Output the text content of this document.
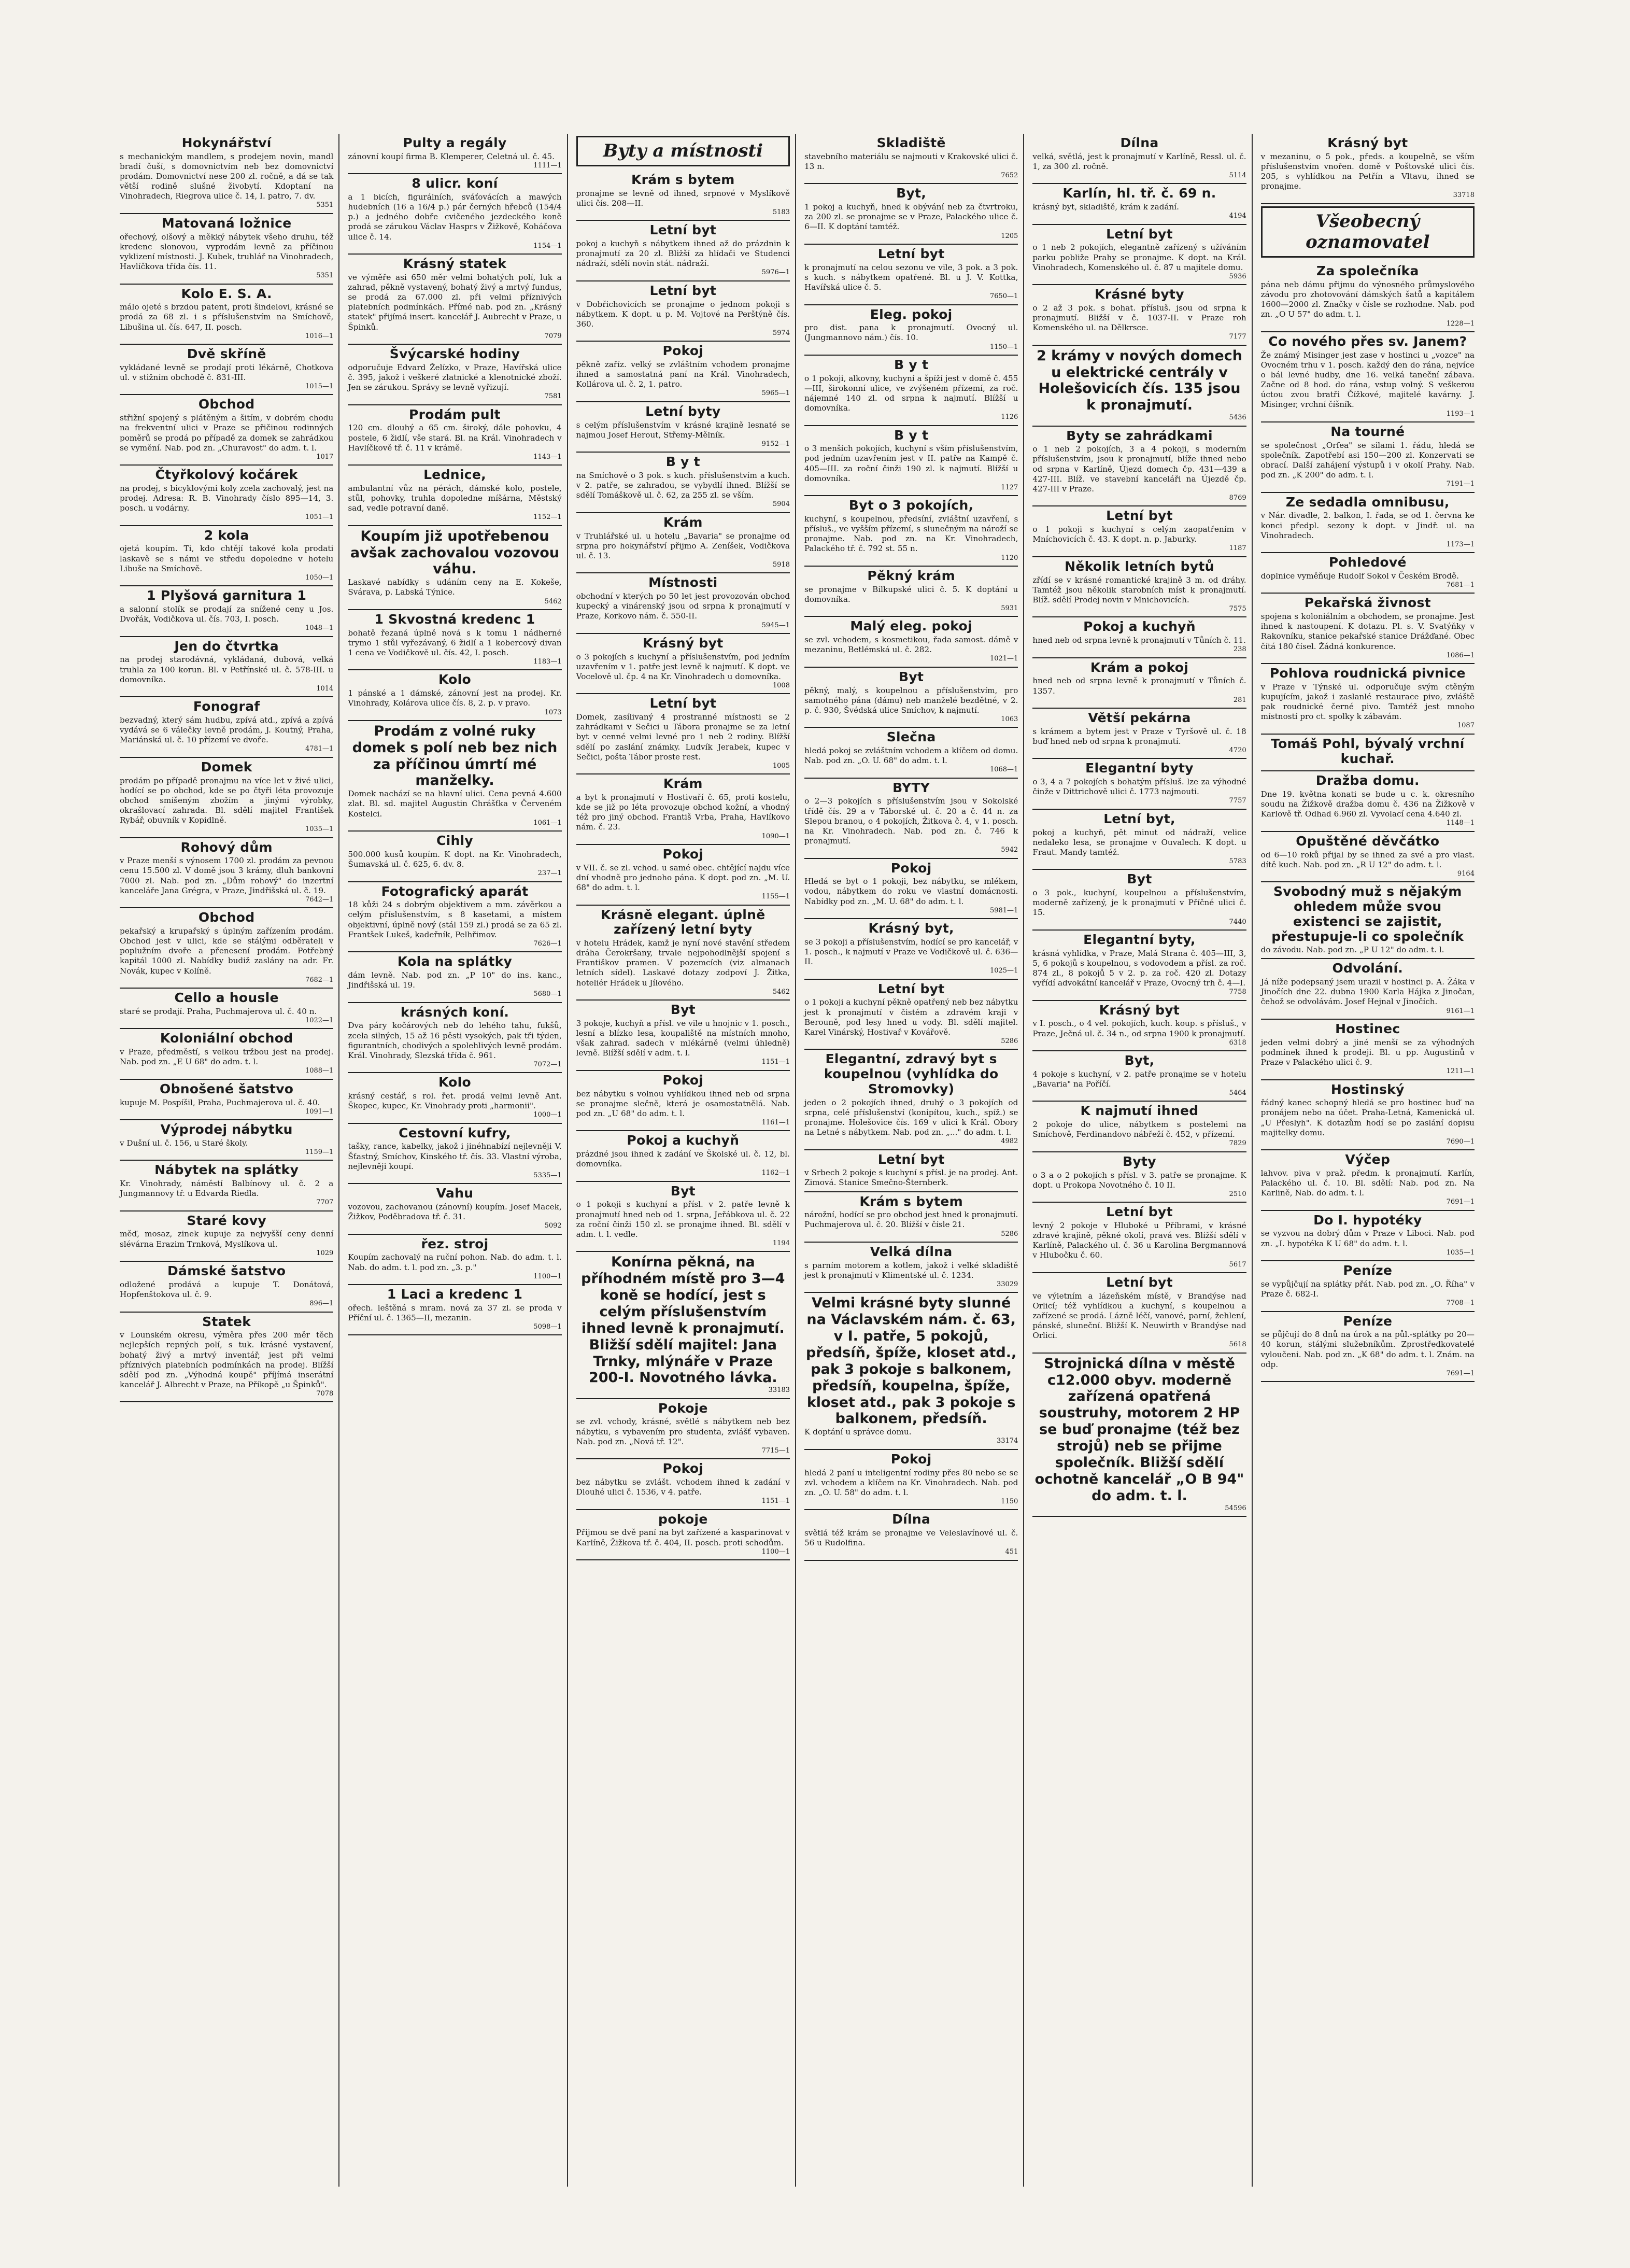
Hokynářství
s mechanickým mandlem, s prodejem novin, mandl bradí čuší, s domovnictvím neb bez domovnictví prodám. Domovnictví nese 200 zl. ročně, a dá se tak větší rodině slušné živobytí. Kdoptaní na Vinohradech, Riegrova ulice č. 14, I. patro, 7. dv.
5351
Matovaná ložnice
ořechový, olšový a měkký nábytek všeho druhu, též kredenc slonovou, vyprodám levně za příčinou vyklizení místnosti. J. Kubek, truhlář na Vinohradech, Havlíčkova třída čís. 11.
5351
Kolo E. S. A.
málo ojeté s brzdou patent, proti šindelovi, krásné se prodá za 68 zl. i s příslušenstvím na Smíchově, Libušina ul. čís. 647, II. posch.
1016—1
Dvě skříně
vykládané levně se prodají proti lékárně, Chotkova ul. v stižním obchodě č. 831-III.
1015—1
Obchod
střižní spojený s plátěným a šitím, v dobrém chodu na frekventní ulici v Praze se přičinou rodinných poměrů se prodá po případě za domek se zahrádkou se vymění. Nab. pod zn. „Churavost" do adm. t. l.
1017
Čtyřkolový kočárek
na prodej, s bicyklovými koly zcela zachovalý, jest na prodej. Adresa: R. B. Vinohrady číslo 895—14, 3. posch. u vodárny.
1051—1
2 kola
ojetá koupím. Ti, kdo chtějí takové kola prodati laskavě se s námi ve středu dopoledne v hotelu Libuše na Smíchově.
1050—1
1 Plyšová garnitura 1
a salonní stolík se prodají za snížené ceny u Jos. Dvořák, Vodičkova ul. čís. 703, I. posch.
1048—1
Jen do čtvrtka
na prodej starodávná, vykládaná, dubová, velká truhla za 100 korun. Bl. v Petřínské ul. č. 578-III. u domovníka.
1014
Fonograf
bezvadný, který sám hudbu, zpívá atd., zpívá a zpívá vydává se 6 válečky levně prodám, J. Koutný, Praha, Mariánská ul. č. 10 přízemí ve dvoře.
4781—1
Domek
prodám po případě pronajmu na více let v živé ulici, hodící se po obchod, kde se po čtyři léta provozuje obchod smíšeným zbožím a jinými výrobky, okrašlovací zahrada. Bl. sdělí majitel František Rybář, obuvník v Kopidlně.
1035—1
Rohový dům
v Praze menší s výnosem 1700 zl. prodám za pevnou cenu 15.500 zl. V domě jsou 3 krámy, dluh bankovní 7000 zl. Nab. pod zn. „Dům rohový" do inzertní kanceláře Jana Grégra, v Praze, Jindřišská ul. č. 19.
7642—1
Obchod
pekařský a krupařský s úplným zařízením prodám. Obchod jest v ulici, kde se stálými odběrateli v poplužním dvoře a přenesení prodám. Potřebný kapitál 1000 zl. Nabídky budiž zaslány na adr. Fr. Novák, kupec v Kolíně.
7682—1
Cello a housle
staré se prodají. Praha, Puchmajerova ul. č. 40 n.
1022—1
Koloniální obchod
v Praze, předměstí, s velkou tržbou jest na prodej. Nab. pod zn. „E U 68" do adm. t. l.
1088—1
Obnošené šatstvo
kupuje M. Pospíšil, Praha, Puchmajerova ul. č. 40.
1091—1
Výprodej nábytku
v Dušní ul. č. 156, u Staré školy.
1159—1
Nábytek na splátky
Kr. Vinohrady, náměstí Balbínovy ul. č. 2 a Jungmannovy tř. u Edvarda Riedla.
7707
Staré kovy
měď, mosaz, zinek kupuje za nejvyšší ceny denní slévárna Erazim Trnková, Myslíkova ul.
1029
Dámské šatstvo
odložené prodává a kupuje T. Donátová, Hopfenštokova ul. č. 9.
896—1
Statek
v Lounském okresu, výměra přes 200 měr těch nejlepších repných polí, s tuk. krásné vystavení, bohatý živý a mrtvý inventář, jest při velmi příznivých platebních podmínkách na prodej. Blížší sdělí pod zn. „Výhodná koupě" příjímá inserátní kancelář J. Albrecht v Praze, na Příkopě „u Špinků".
7078
Pulty a regály
zánovní koupí firma B. Klemperer, Celetná ul. č. 45.
1111—1
8 ulicr. koní
a 1 bicích, figurálních, sváťovácích a mawých hudebních (16 a 16/4 p.) pár černých hřebců (154/4 p.) a jedného dobře cvičeného jezdeckého koně prodá se zárukou Václav Hasprs v Žižkově, Koháčova ulice č. 14.
1154—1
Krásný statek
ve výměře asi 650 měr velmi bohatých polí, luk a zahrad, pěkně vystavený, bohatý živý a mrtvý fundus, se prodá za 67.000 zl. při velmi příznivých platebních podmínkách. Přímé nab. pod zn. „Krásný statek" přijímá insert. kancelář J. Aubrecht v Praze, u Špinků.
7079
Švýcarské hodiny
odporučuje Edvard Želízko, v Praze, Havířská ulice č. 395, jakož i veškeré zlatnické a klenotnické zboží. Jen se zárukou. Správy se levně vyřizují.
7581
Prodám pult
120 cm. dlouhý a 65 cm. široký, dále pohovku, 4 postele, 6 židlí, vše stará. Bl. na Král. Vinohradech v Havlíčkově tř. č. 11 v krámě.
1143—1
Lednice,
ambulantní vůz na pérách, dámské kolo, postele, stůl, pohovky, truhla dopoledne míšárna, Městský sad, vedle potravní daně.
1152—1
Koupím již upotřebenou avšak zachovalou vozovou váhu.
Laskavé nabídky s udáním ceny na E. Kokeše, Svárava, p. Labská Týnice.
5462
1 Skvostná kredenc 1
bohatě řezaná úplně nová s k tomu 1 nádherné trymo 1 stůl vyřezávaný, 6 židlí a 1 kobercový divan 1 cena ve Vodičkově ul. čís. 42, I. posch.
1183—1
Kolo
1 pánské a 1 dámské, zánovní jest na prodej. Kr. Vinohrady, Kolárova ulice čís. 8, 2. p. v pravo.
1073
Prodám z volné ruky domek s polí neb bez nich za příčinou úmrtí mé manželky.
Domek nachází se na hlavní ulici. Cena pevná 4.600 zlat. Bl. sd. majitel Augustin Chrášťka v Červeném Kostelci.
1061—1
Cihly
500.000 kusů koupím. K dopt. na Kr. Vinohradech, Šumavská ul. č. 625, 6. dv. 8.
237—1
Fotografický aparát
18 kůži 24 s dobrým objektivem a mm. závěrkou a celým příslušenstvím, s 8 kasetami, a místem objektivní, úplně nový (stál 159 zl.) prodá se za 65 zl. Frantšek Lukeš, kadeřník, Pelhřimov.
7626—1
Kola na splátky
dám levně. Nab. pod zn. „P 10" do ins. kanc., Jindřišská ul. 19.
5680—1
krásných koní.
Dva páry kočárových neb do lehého tahu, fukšů, zcela silných, 15 až 16 pěsti vysokých, pak tři týden, figurantních, chodivých a spolehlivých levně prodám. Král. Vinohrady, Slezská třída č. 961.
7072—1
Kolo
krásný cestář, s rol. řet. prodá velmi levně Ant. Škopec, kupec, Kr. Vinohrady proti „harmonii".
1000—1
Cestovní kufry,
tašky, rance, kabelky, jakož i jinéhnabízí nejlevněji V. Šťastný, Smíchov, Kinského tř. čís. 33. Vlastní výroba, nejlevněji koupí.
5335—1
Vahu
vozovou, zachovanou (zánovní) koupím. Josef Macek, Žižkov, Poděbradova tř. č. 31.
5092
řez. stroj
Koupím zachovalý na ruční pohon. Nab. do adm. t. l. Nab. do adm. t. l. pod zn. „3. p."
1100—1
1 Laci a kredenc 1
ořech. leštěná s mram. nová za 37 zl. se proda v Příční ul. č. 1365—II, mezanin.
5098—1
Byty a místnosti
Krám s bytem
pronajme se levně od ihned, srpnové v Myslíkově ulici čís. 208—II.
5183
Letní byt
pokoj a kuchyň s nábytkem ihned až do prázdnin k pronajmutí za 20 zl. Bližší za hlídači ve Studenci nádraží, sdělí novin stát. nádraží.
5976—1
Letní byt
v Dobřichovicích se pronajme o jednom pokoji s nábytkem. K dopt. u p. M. Vojtové na Perštýně čís. 360.
5974
Pokoj
pěkně zaříz. velký se zvláštním vchodem pronajme ihned a samostatná paní na Král. Vinohradech, Kollárova ul. č. 2, 1. patro.
5965—1
Letní byty
s celým příslušenstvím v krásné krajině lesnaté se najmou Josef Herout, Střemy-Mělník.
9152—1
B y t
na Smíchově o 3 pok. s kuch. příslušenstvím a kuch. v 2. patře, se zahradou, se vybydlí ihned. Blížší se sdělí Tomáškově ul. č. 62, za 255 zl. se vším.
5904
Krám
v Truhlářské ul. u hotelu „Bavaria" se pronajme od srpna pro hokynářství přijmo A. Zeníšek, Vodičkova ul. č. 13.
5918
Místnosti
obchodní v kterých po 50 let jest provozován obchod kupecký a vinárenský jsou od srpna k pronajmutí v Praze, Korkovo nám. č. 550-II.
5945—1
Krásný byt
o 3 pokojích s kuchyní a příslušenstvím, pod jedním uzavřením v 1. patře jest levně k najmutí. K dopt. ve Vocelově ul. čp. 4 na Kr. Vinohradech u domovníka.
1008
Letní byt
Domek, zasílivaný 4 prostranné místnosti se 2 zahrádkami v Sečici u Tábora pronajme se za letní byt v cenné velmi levné pro 1 neb 2 rodiny. Blížší sdělí po zaslání známky. Ludvík Jerabek, kupec v Sečici, pošta Tábor proste rest.
1005
Krám
a byt k pronajmutí v Hostivaří č. 65, proti kostelu, kde se již po léta provozuje obchod kožní, a vhodný též pro jiný obchod. Františ Vrba, Praha, Havlíkovo nám. č. 23.
1090—1
Pokoj
v VII. č. se zl. vchod. u samé obec. chtějící najdu více dní vhodně pro jednoho pána. K dopt. pod zn. „M. U. 68" do adm. t. l.
1155—1
Krásně elegant. úplně zařízený letní byty
v hotelu Hrádek, kamž je nyní nové stavění středem dráha Čerokršany, trvale nejpohodlnější spojení s Františkov pramen. V pozemcích (viz almanach letních sídel). Laskavé dotazy zodpoví J. Žitka, hoteliér Hrádek u Jílového.
5462
Byt
3 pokoje, kuchyň a přísl. ve vile u hnojnic v 1. posch., lesní a blízko lesa, koupaliště na místních mnoho, však zahrad. sadech v mlékárně (velmi úhledně) levně. Blížší sdělí v adm. t. l.
1151—1
Pokoj
bez nábytku s volnou vyhlídkou ihned neb od srpna se pronajme slečně, která je osamostatnělá. Nab. pod zn. „U 68" do adm. t. l.
1161—1
Pokoj a kuchyň
prázdné jsou ihned k zadání ve Školské ul. č. 12, bl. domovníka.
1162—1
Byt
o 1 pokoji s kuchyní a přísl. v 2. patře levně k pronajmutí hned neb od 1. srpna, Jeřábkova ul. č. 22 za roční činži 150 zl. se pronajme ihned. Bl. sdělí v adm. t. l. vedle.
1194
Konírna pěkná, na příhodném místě pro 3—4 koně se hodící, jest s celým příslušenstvím ihned levně k pronajmutí. Bližší sdělí majitel: Jana Trnky, mlýnáře v Praze 200-I. Novotného lávka.
33183
Pokoje
se zvl. vchody, krásné, světlé s nábytkem neb bez nábytku, s vybavením pro studenta, zvlášť vybaven. Nab. pod zn. „Nová tř. 12".
7715—1
Pokoj
bez nábytku se zvlášt. vchodem ihned k zadání v Dlouhé ulici č. 1536, v 4. patře.
1151—1
pokoje
Přijmou se dvě paní na byt zařízené a kasparinovat v Karlíně, Žižkova tř. č. 404, II. posch. proti schodům.
1100—1
Skladiště
stavebního materiálu se najmouti v Krakovské ulici č. 13 n.
7652
Byt,
1 pokoj a kuchyň, hned k obývání neb za čtvrtroku, za 200 zl. se pronajme se v Praze, Palackého ulice č. 6—II. K doptání tamtéž.
1205
Letní byt
k pronajmutí na celou sezonu ve vile, 3 pok. a 3 pok. s kuch. s nábytkem opatřené. Bl. u J. V. Kottka, Havířská ulice č. 5.
7650—1
Eleg. pokoj
pro dist. pana k pronajmutí. Ovocný ul. (Jungmannovo nám.) čís. 10.
1150—1
B y t
o 1 pokoji, alkovny, kuchyní a špíží jest v domě č. 455—III, širokonní ulice, ve zvýšeném přízemí, za roč. nájemné 140 zl. od srpna k najmutí. Blížší u domovníka.
1126
B y t
o 3 menších pokojích, kuchyní s vším příslušenstvím, pod jedním uzavřením jest v II. patře na Kampě č. 405—III. za roční činži 190 zl. k najmutí. Blížší u domovníka.
1127
Byt o 3 pokojích,
kuchyní, s koupelnou, předsíní, zvláštní uzavření, s přísluš., ve vyšším přízemí, s slunečným na nároží se pronajme. Nab. pod zn. na Kr. Vinohradech, Palackého tř. č. 792 st. 55 n.
1120
Pěkný krám
se pronajme v Bilkupské ulici č. 5. K doptání u domovníka.
5931
Malý eleg. pokoj
se zvl. vchodem, s kosmetikou, řada samost. dámě v mezaninu, Betlémská ul. č. 282.
1021—1
Byt
pěkný, malý, s koupelnou a příslušenstvím, pro samotného pána (dámu) neb manželé bezdětné, v 2. p. č. 930, Švédská ulice Smíchov, k najmutí.
1063
Slečna
hledá pokoj se zvláštním vchodem a klíčem od domu. Nab. pod zn. „O. U. 68" do adm. t. l.
1068—1
BYTY
o 2—3 pokojích s příslušenstvím jsou v Sokolské třídě čís. 29 a v Táborské ul. č. 20 a č. 44 n. za Slepou branou, o 4 pokojích, Žitkova č. 4, v 1. posch. na Kr. Vinohradech. Nab. pod zn. č. 746 k pronajmutí.
5942
Pokoj
Hledá se byt o 1 pokoji, bez nábytku, se mlékem, vodou, nábytkem do roku ve vlastní domácnosti. Nabídky pod zn. „M. U. 68" do adm. t. l.
5981—1
Krásný byt,
se 3 pokoji a příslušenstvím, hodící se pro kancelář, v 1. posch., k najmutí v Praze ve Vodičkově ul. č. 636—II.
1025—1
Letní byt
o 1 pokoji a kuchyní pěkně opatřený neb bez nábytku jest k pronajmutí v čistém a zdravém kraji v Berouně, pod lesy hned u vody. Bl. sdělí majitel. Karel Vinárský, Hostivař v Kovářově.
5286
Elegantní, zdravý byt s koupelnou (vyhlídka do Stromovky)
jeden o 2 pokojích ihned, druhý o 3 pokojích od srpna, celé příslušenství (konipítou, kuch., spíž.) se pronajme. Holešovice čís. 169 v ulici k Král. Obory na Letné s nábytkem. Nab. pod zn. „..." do adm. t. l.
4982
Letní byt
v Srbech 2 pokoje s kuchyní s přísl. je na prodej. Ant. Zimová. Stanice Smečno-Šternberk.
Krám s bytem
nárožní, hodící se pro obchod jest hned k pronajmutí. Puchmajerova ul. č. 20. Blížší v čísle 21.
5286
Velká dílna
s parním motorem a kotlem, jakož i velké skladiště jest k pronajmutí v Klimentské ul. č. 1234.
33029
Velmi krásné byty slunné na Václavském nám. č. 63, v I. patře, 5 pokojů, předsíň, špíže, kloset atd., pak 3 pokoje s balkonem, předsíň, koupelna, špíže, kloset atd., pak 3 pokoje s balkonem, předsíň.
K doptání u správce domu.
33174
Pokoj
hledá 2 paní u inteligentní rodiny přes 80 nebo se se zvl. vchodem a klíčem na Kr. Vinohradech. Nab. pod zn. „O. U. 58" do adm. t. l.
1150
Dílna
světlá též krám se pronajme ve Veleslavínové ul. č. 56 u Rudolfina.
451
Dílna
velká, světlá, jest k pronajmutí v Karlíně, Ressl. ul. č. 1, za 300 zl. ročně.
5114
Karlín, hl. tř. č. 69 n.
krásný byt, skladiště, krám k zadání.
4194
Letní byt
o 1 neb 2 pokojích, elegantně zařízený s užíváním parku pobliže Prahy se pronajme. K dopt. na Král. Vinohradech, Komenského ul. č. 87 u majitele domu.
5936
Krásné byty
o 2 až 3 pok. s bohat. přísluš. jsou od srpna k pronajmutí. Bližší v č. 1037-II. v Praze roh Komenského ul. na Dělkrsce.
7177
2 krámy v nových domech u elektrické centrály v Holešovicích čís. 135 jsou k pronajmutí.
5436
Byty se zahrádkami
o 1 neb 2 pokojích, 3 a 4 pokoji, s moderním příslušenstvím, jsou k pronajmutí, blíže ihned nebo od srpna v Karlíně, Újezd domech čp. 431—439 a 427-III. Blíž. ve stavební kanceláři na Újezdě čp. 427-III v Praze.
8769
Letní byt
o 1 pokoji s kuchyní s celým zaopatřením v Mníchovicích č. 43. K dopt. n. p. Jaburky.
1187
Několik letních bytů
zřídí se v krásné romantické krajině 3 m. od dráhy. Tamtéž jsou několik starobních míst k pronajmutí. Blíž. sdělí Prodej novin v Mnichovicích.
7575
Pokoj a kuchyň
hned neb od srpna levně k pronajmutí v Tůních č. 11.
238
Krám a pokoj
hned neb od srpna levně k pronajmutí v Tůních č. 1357.
281
Větší pekárna
s krámem a bytem jest v Praze v Tyršově ul. č. 18 buď hned neb od srpna k pronajmutí.
4720
Elegantní byty
o 3, 4 a 7 pokojích s bohatým přísluš. lze za výhodné činže v Dittrichově ulici č. 1773 najmouti.
7757
Letní byt,
pokoj a kuchyň, pět minut od nádraží, velice nedaleko lesa, se pronajme v Ouvalech. K dopt. u Fraut. Mandy tamtéž.
5783
Byt
o 3 pok., kuchyní, koupelnou a příslušenstvím, moderně zařízený, je k pronajmutí v Příčné ulici č. 15.
7440
Elegantní byty,
krásná vyhlídka, v Praze, Malá Strana č. 405—III, 3, 5, 6 pokojů s koupelnou, s vodovodem a přísl. za roč. 874 zl., 8 pokojů 5 v 2. p. za roč. 420 zl. Dotazy vyřídí advokátní kancelář v Praze, Ovocný trh č. 4—I.
7758
Krásný byt
v I. posch., o 4 vel. pokojích, kuch. koup. s přísluš., v Praze, Ječná ul. č. 34 n., od srpna 1900 k pronajmutí.
6318
Byt,
4 pokoje s kuchyní, v 2. patře pronajme se v hotelu „Bavaria" na Poříčí.
5464
K najmutí ihned
2 pokoje do ulice, nábytkem s postelemi na Smíchově, Ferdinandovo nábřeží č. 452, v přízemí.
7829
Byty
o 3 a o 2 pokojích s přísl. v 3. patře se pronajme. K dopt. u Prokopa Novotného č. 10 II.
2510
Letní byt
levný 2 pokoje v Hluboké u Příbrami, v krásné zdravé krajině, pěkné okolí, pravá ves. Blížší sdělí v Karlíně, Palackého ul. č. 36 u Karolina Bergmannová v Hlubočku č. 60.
5617
Letní byt
ve výletním a lázeňském místě, v Brandýse nad Orlicí; též vyhlídkou a kuchyní, s koupelnou a zařízené se prodá. Lázně léčí, vanové, parní, žehlení, pánské, sluneční. Bližší K. Neuwirth v Brandýse nad Orlicí.
5618
Strojnická dílna v městě c12.000 obyv. moderně zařízená opatřená soustruhy, motorem 2 HP se buď pronajme (též bez strojů) neb se přijme společník. Bližší sdělí ochotně kancelář „O B 94" do adm. t. l.
54596
Krásný byt
v mezaninu, o 5 pok., předs. a koupelně, se vším příslušenstvím vnořen. domě v Poštovské ulici čís. 205, s vyhlídkou na Petřín a Vltavu, ihned se pronajme.
33718
Všeobecný oznamovatel
Za společníka
pána neb dámu přijmu do výnosného průmyslového závodu pro zhotovování dámských šatů a kapitálem 1600—2000 zl. Značky v čísle se rozhodne. Nab. pod zn. „O U 57" do adm. t. l.
1228—1
Co nového přes sv. Janem?
Že známý Misinger jest zase v hostinci u „vozce" na Ovocném trhu v 1. posch. každý den do rána, nejvíce o bál levné hudby, dne 16. velká taneční zábava. Začne od 8 hod. do rána, vstup volný. S veškerou úctou zvou bratři Čížkové, majitelé kavárny. J. Misinger, vrchní číšník.
1193—1
Na tourné
se společnost „Orfea" se silami 1. řádu, hledá se společník. Zapotřebí asi 150—200 zl. Konzervati se obrací. Další zahájení výstupů i v okolí Prahy. Nab. pod zn. „K 200" do adm. t. l.
7191—1
Ze sedadla omnibusu,
v Nár. divadle, 2. balkon, I. řada, se od 1. června ke konci předpl. sezony k dopt. v Jindř. ul. na Vinohradech.
1173—1
Pohledové
doplnice vyměňuje Rudolf Sokol v Českém Brodě.
7681—1
Pekařská živnost
spojena s koloniálním a obchodem, se pronajme. Jest ihned k nastoupení. K dotazu. Pl. s. V. Svatýňky v Rakovníku, stanice pekařské stanice Drážďané. Obec čítá 180 čísel. Žádná konkurence.
1086—1
Pohlova roudnická pivnice
v Praze v Týnské ul. odporučuje svým ctěným kupujícím, jakož i zaslanlé restaurace pivo, zvláště pak roudnické černé pivo. Tamtéž jest mnoho místností pro ct. spolky k zábavám.
1087
Tomáš Pohl, bývalý vrchní kuchař.
Dražba domu.
Dne 19. května konati se bude u c. k. okresního soudu na Žižkově dražba domu č. 436 na Žižkově v Karlově tř. Odhad 6.960 zl. Vyvolací cena 4.640 zl.
1148—1
Opuštěné děvčátko
od 6—10 roků přijal by se ihned za své a pro vlast. dítě kuch. Nab. pod zn. „R U 12" do adm. t. l.
9164
Svobodný muž s nějakým ohledem může svou existenci se zajistit, přestupuje-li co společník
do závodu. Nab. pod zn. „P U 12" do adm. t. l.
Odvolání.
Já níže podepsaný jsem urazil v hostinci p. A. Žáka v Jinočích dne 22. dubna 1900 Karla Hájka z Jinočan, čehož se odvolávám. Josef Hejnal v Jinočích.
9161—1
Hostinec
jeden velmi dobrý a jiné menší se za výhodných podmínek ihned k prodeji. Bl. u pp. Augustinů v Praze v Palackého ulici č. 9.
1211—1
Hostinský
řádný kanec schopný hledá se pro hostinec buď na pronájem nebo na účet. Praha-Letná, Kamenická ul. „U Přeslyh". K dotazům hodí se po zaslání dopisu majitelky domu.
7690—1
Výčep
lahvov. piva v praž. předm. k pronajmutí. Karlín, Palackého ul. č. 10. Bl. sdělí: Nab. pod zn. Na Karlině, Nab. do adm. t. l.
7691—1
Do I. hypotéky
se vyzvou na dobrý dům v Praze v Liboci. Nab. pod zn. „I. hypotéka K U 68" do adm. t. l.
1035—1
Peníze
se vypůjčují na splátky přát. Nab. pod zn. „O. Říha" v Praze č. 682-I.
7708—1
Peníze
se půjčují do 8 dnů na úrok a na půl.-splátky po 20—40 korun, stálými služebníkům. Zprostředkovatelé vyloučeni. Nab. pod zn. „K 68" do adm. t. l. Znám. na odp.
7691—1
